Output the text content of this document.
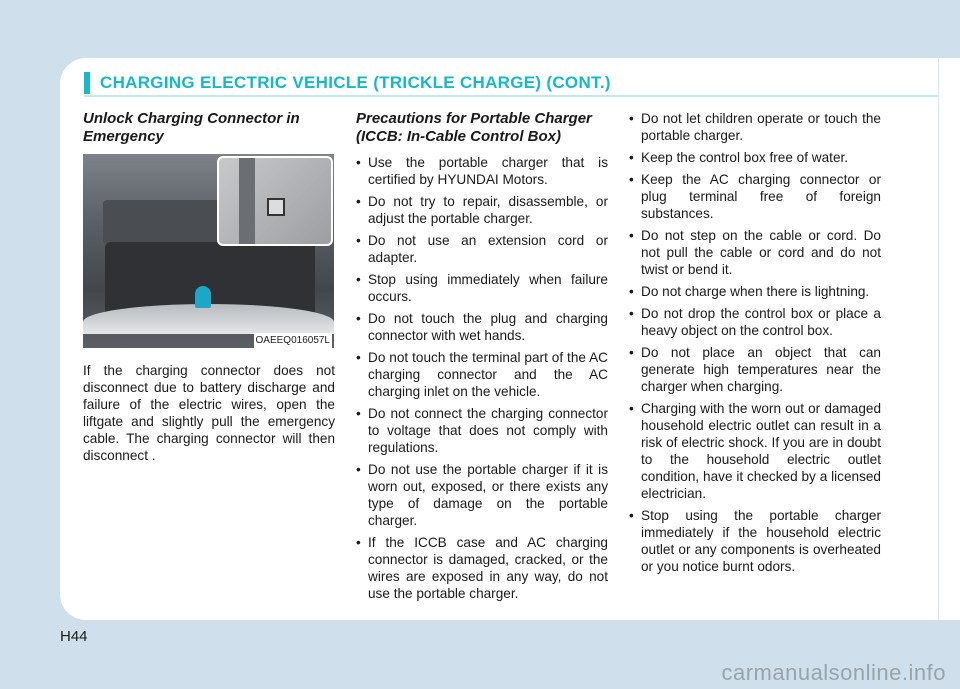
CHARGING ELECTRIC VEHICLE (TRICKLE CHARGE) (CONT.)
Unlock Charging Connector in Emergency
OAEEQ016057L

If the charging connector does not disconnect due to battery discharge and failure of the electric wires, open the liftgate and slightly pull the emergency cable. The charging connector will then disconnect .

Precautions for Portable Charger (ICCB: In-Cable Control Box)
• Use the portable charger that is certified by HYUNDAI Motors.
• Do not try to repair, disassemble, or adjust the portable charger.
• Do not use an extension cord or adapter.
• Stop using immediately when failure occurs.
• Do not touch the plug and charging connector with wet hands.
• Do not touch the terminal part of the AC charging connector and the AC charging inlet on the vehicle.
• Do not connect the charging connector to voltage that does not comply with regulations.
• Do not use the portable charger if it is worn out, exposed, or there exists any type of damage on the portable charger.
• If the ICCB case and AC charging connector is damaged, cracked, or the wires are exposed in any way, do not use the portable charger.
• Do not let children operate or touch the portable charger.
• Keep the control box free of water.
• Keep the AC charging connector or plug terminal free of foreign substances.
• Do not step on the cable or cord. Do not pull the cable or cord and do not twist or bend it.
• Do not charge when there is lightning.
• Do not drop the control box or place a heavy object on the control box.
• Do not place an object that can generate high temperatures near the charger when charging.
• Charging with the worn out or damaged household electric outlet can result in a risk of electric shock. If you are in doubt to the household electric outlet condition, have it checked by a licensed electrician.
• Stop using the portable charger immediately if the household electric outlet or any components is overheated or you notice burnt odors.
H44
carmanualsonline.info
